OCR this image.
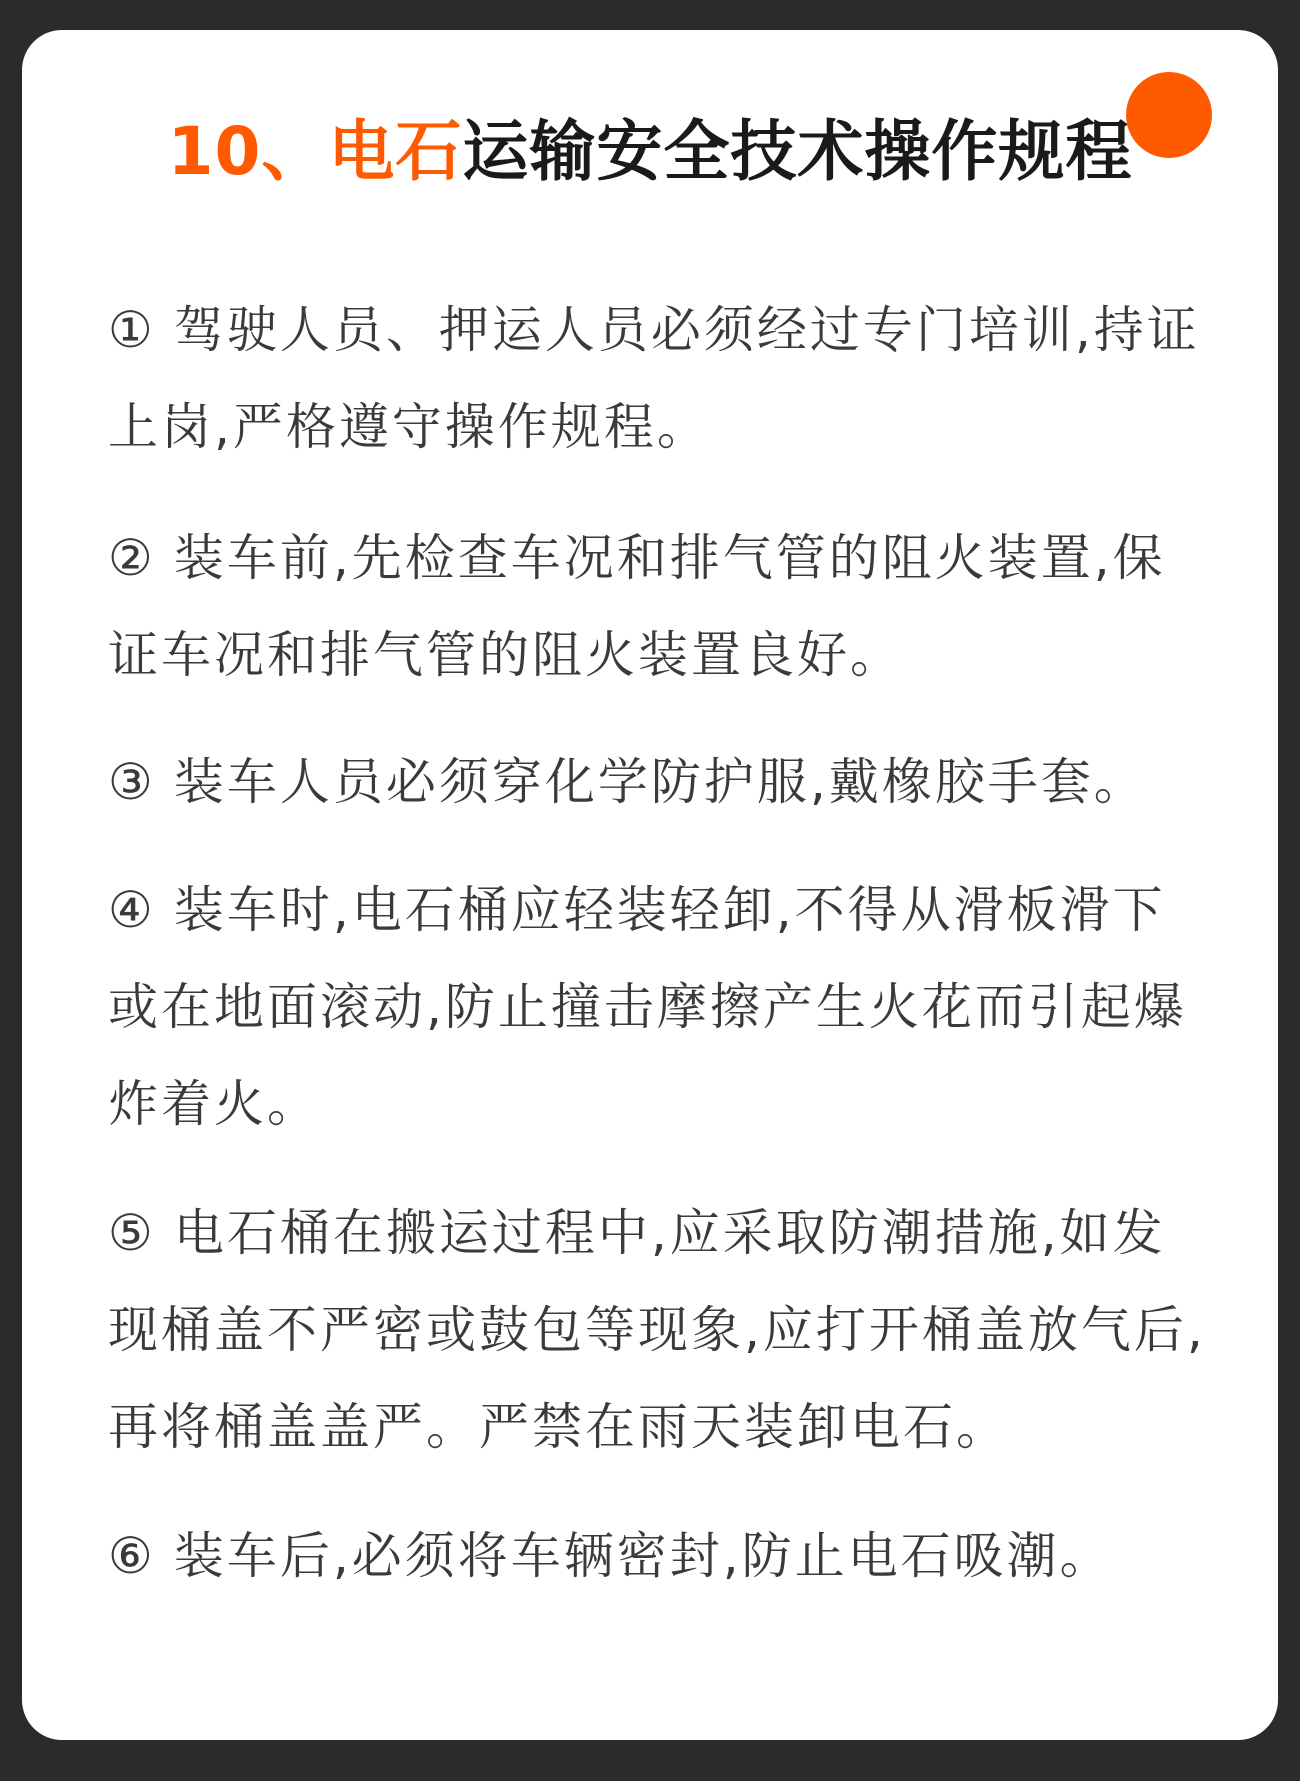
10、电石运输安全技术操作规程
① 驾驶人员、押运人员必须经过专门培训,持证上岗,严格遵守操作规程。
② 装车前,先检查车况和排气管的阻火装置,保证车况和排气管的阻火装置良好。
③ 装车人员必须穿化学防护服,戴橡胶手套。
④ 装车时,电石桶应轻装轻卸,不得从滑板滑下或在地面滚动,防止撞击摩擦产生火花而引起爆炸着火。
⑤ 电石桶在搬运过程中,应采取防潮措施,如发现桶盖不严密或鼓包等现象,应打开桶盖放气后,再将桶盖盖严。严禁在雨天装卸电石。
⑥ 装车后,必须将车辆密封,防止电石吸潮。
